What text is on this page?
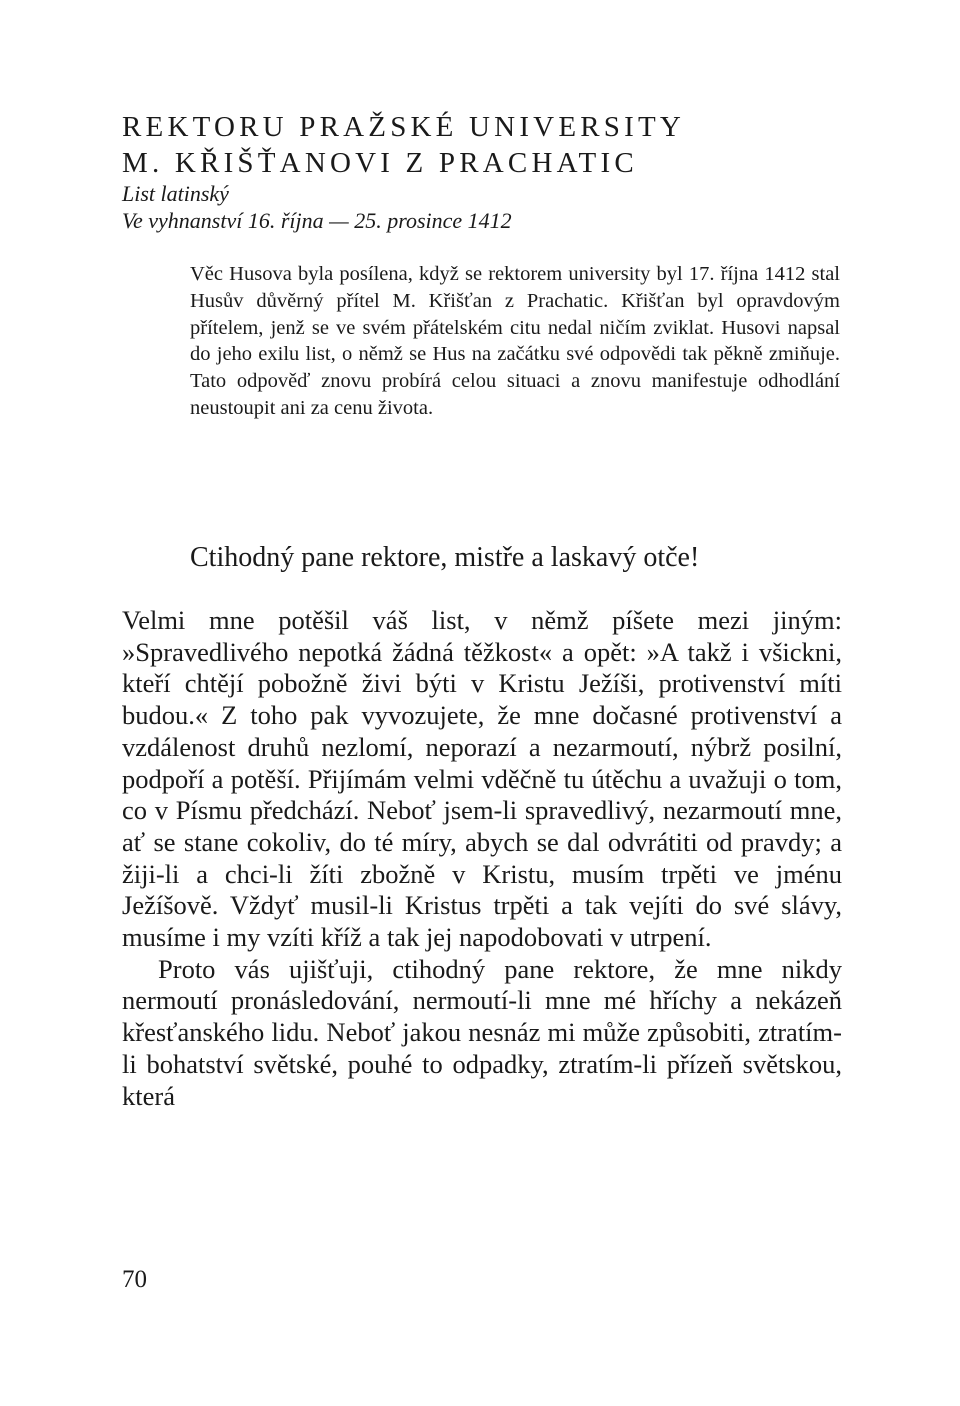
REKTORU PRAŽSKÉ UNIVERSITY
M. KŘIŠŤANOVI Z PRACHATIC
List latinský
Ve vyhnanství 16. října — 25. prosince 1412

Věc Husova byla posílena, když se rektorem university byl 17. října 1412 stal Husův důvěrný přítel M. Křišťan z Prachatic. Křišťan byl opravdovým přítelem, jenž se ve svém přátelském citu nedal ničím zviklat. Husovi napsal do jeho exilu list, o němž se Hus na začátku své odpovědi tak pěkně zmiňuje. Tato odpověď znovu probírá celou situaci a znovu manifestuje odhodlání neustoupit ani za cenu života.

Ctihodný pane rektore, mistře a laskavý otče!

Velmi mne potěšil váš list, v němž píšete mezi jiným: »Spravedlivého nepotká žádná těžkost« a opět: »A takž i všickni, kteří chtějí pobožně živi býti v Kristu Ježíši, protivenství míti budou.« Z toho pak vyvozujete, že mne dočasné protivenství a vzdálenost druhů nezlomí, neporazí a nezarmoutí, nýbrž posilní, podpoří a potěší. Přijímám velmi vděčně tu útěchu a uvažuji o tom, co v Písmu předchází. Neboť jsem-li spravedlivý, nezarmoutí mne, ať se stane cokoliv, do té míry, abych se dal odvrátiti od pravdy; a žiji-li a chci-li žíti zbožně v Kristu, musím trpěti ve jménu Ježíšově. Vždyť musil-li Kristus trpěti a tak vejíti do své slávy, musíme i my vzíti kříž a tak jej napodobovati v utrpení.

Proto vás ujišťuji, ctihodný pane rektore, že mne nikdy nermoutí pronásledování, nermoutí-li mne mé hříchy a nekázeň křesťanského lidu. Neboť jakou nesnáz mi může způsobiti, ztratím-li bohatství světské, pouhé to odpadky, ztratím-li přízeň světskou, která

70
